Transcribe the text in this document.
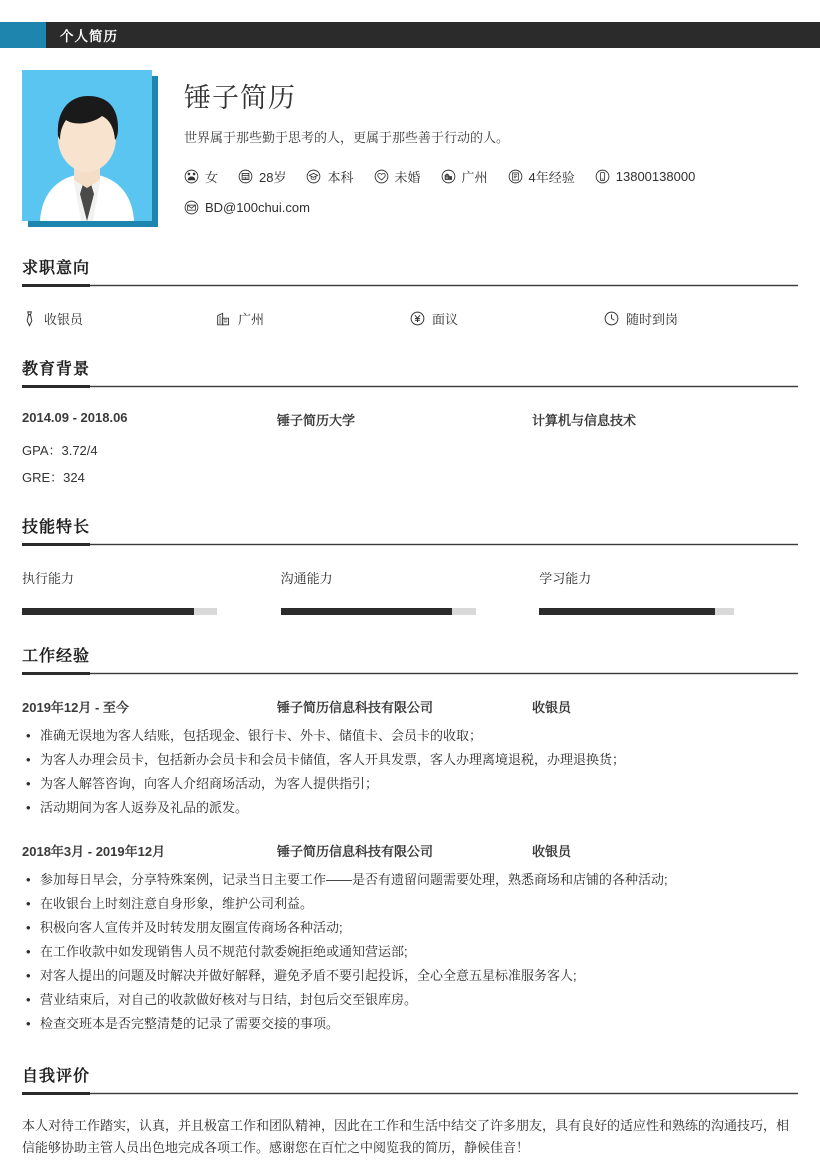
个人简历
锤子简历
世界属于那些勤于思考的人，更属于那些善于行动的人。
女	28岁	本科	未婚	广州	4年经验	13800138000
BD@100chui.com
求职意向
收银员	广州	面议	随时到岗
教育背景
2014.09 - 2018.06	锤子简历大学	计算机与信息技术
GPA：3.72/4
GRE：324
技能特长
执行能力	沟通能力	学习能力
工作经验
2019年12月 - 至今	锤子简历信息科技有限公司	收银员
• 准确无误地为客人结账，包括现金、银行卡、外卡、储值卡、会员卡的收取；
• 为客人办理会员卡，包括新办会员卡和会员卡储值，客人开具发票，客人办理离境退税，办理退换货；
• 为客人解答咨询，向客人介绍商场活动，为客人提供指引；
• 活动期间为客人返券及礼品的派发。
2018年3月 - 2019年12月	锤子简历信息科技有限公司	收银员
• 参加每日早会，分享特殊案例，记录当日主要工作——是否有遗留问题需要处理，熟悉商场和店铺的各种活动;
• 在收银台上时刻注意自身形象，维护公司利益。
• 积极向客人宣传并及时转发朋友圈宣传商场各种活动;
• 在工作收款中如发现销售人员不规范付款委婉拒绝或通知营运部;
• 对客人提出的问题及时解决并做好解释，避免矛盾不要引起投诉，全心全意五星标准服务客人;
• 营业结束后，对自己的收款做好核对与日结，封包后交至银库房。
• 检查交班本是否完整清楚的记录了需要交接的事项。
自我评价
本人对待工作踏实，认真，并且极富工作和团队精神，因此在工作和生活中结交了许多朋友，具有良好的适应性和熟练的沟通技巧，相信能够协助主管人员出色地完成各项工作。感谢您在百忙之中阅览我的简历，静候佳音！
